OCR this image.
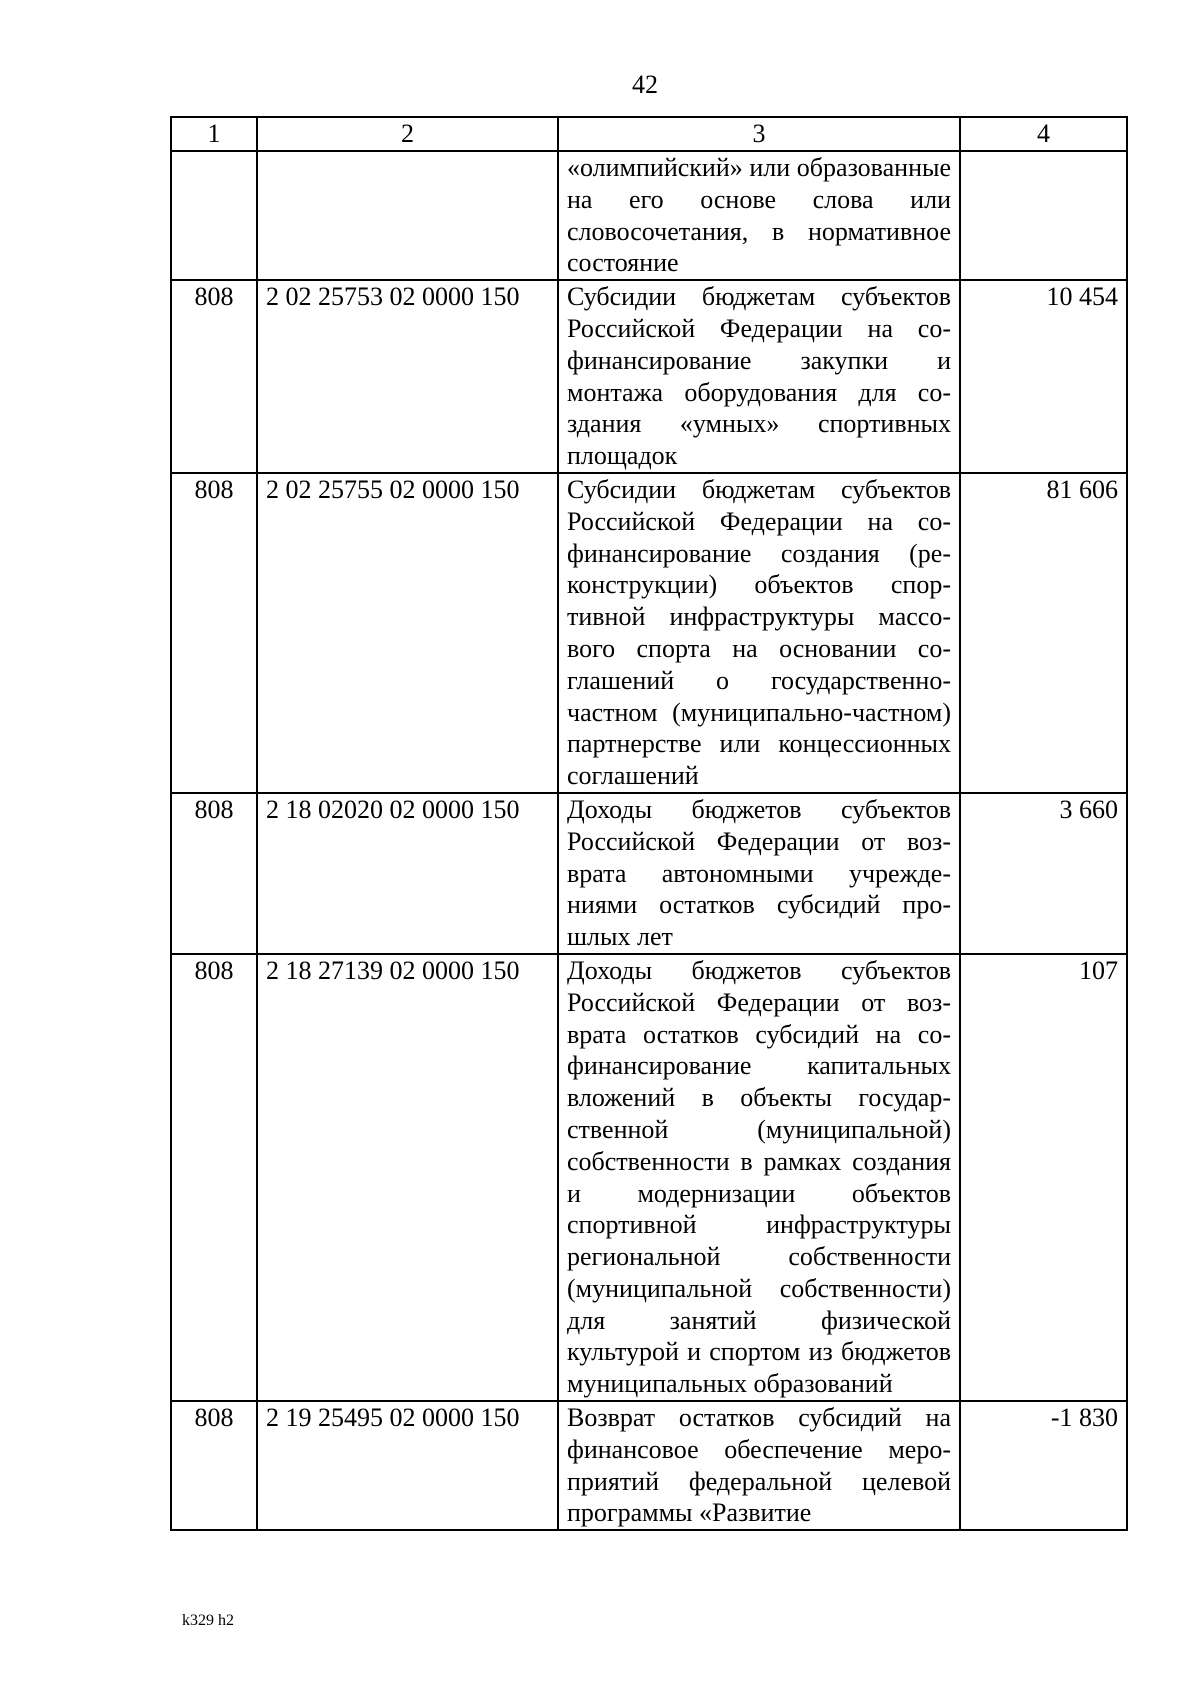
42
1	2	3	4
		«олимпийский» или образованные на его основе слова или словосочетания, в нормативное состояние	
808	2 02 25753 02 0000 150	Субсидии бюджетам субъектов Российской Федерации на софинансирование закупки и монтажа оборудования для создания «умных» спортивных площадок	10 454
808	2 02 25755 02 0000 150	Субсидии бюджетам субъектов Российской Федерации на софинансирование создания (реконструкции) объектов спортивной инфраструктуры массового спорта на основании соглашений о государственно-частном (муниципально-частном) партнерстве или концессионных соглашений	81 606
808	2 18 02020 02 0000 150	Доходы бюджетов субъектов Российской Федерации от возврата автономными учреждениями остатков субсидий прошлых лет	3 660
808	2 18 27139 02 0000 150	Доходы бюджетов субъектов Российской Федерации от возврата остатков субсидий на софинансирование капитальных вложений в объекты государственной (муниципальной) собственности в рамках создания и модернизации объектов спортивной инфраструктуры региональной собственности (муниципальной собственности) для занятий физической культурой и спортом из бюджетов муниципальных образований	107
808	2 19 25495 02 0000 150	Возврат остатков субсидий на финансовое обеспечение мероприятий федеральной целевой программы «Развитие	-1 830
k329 h2
